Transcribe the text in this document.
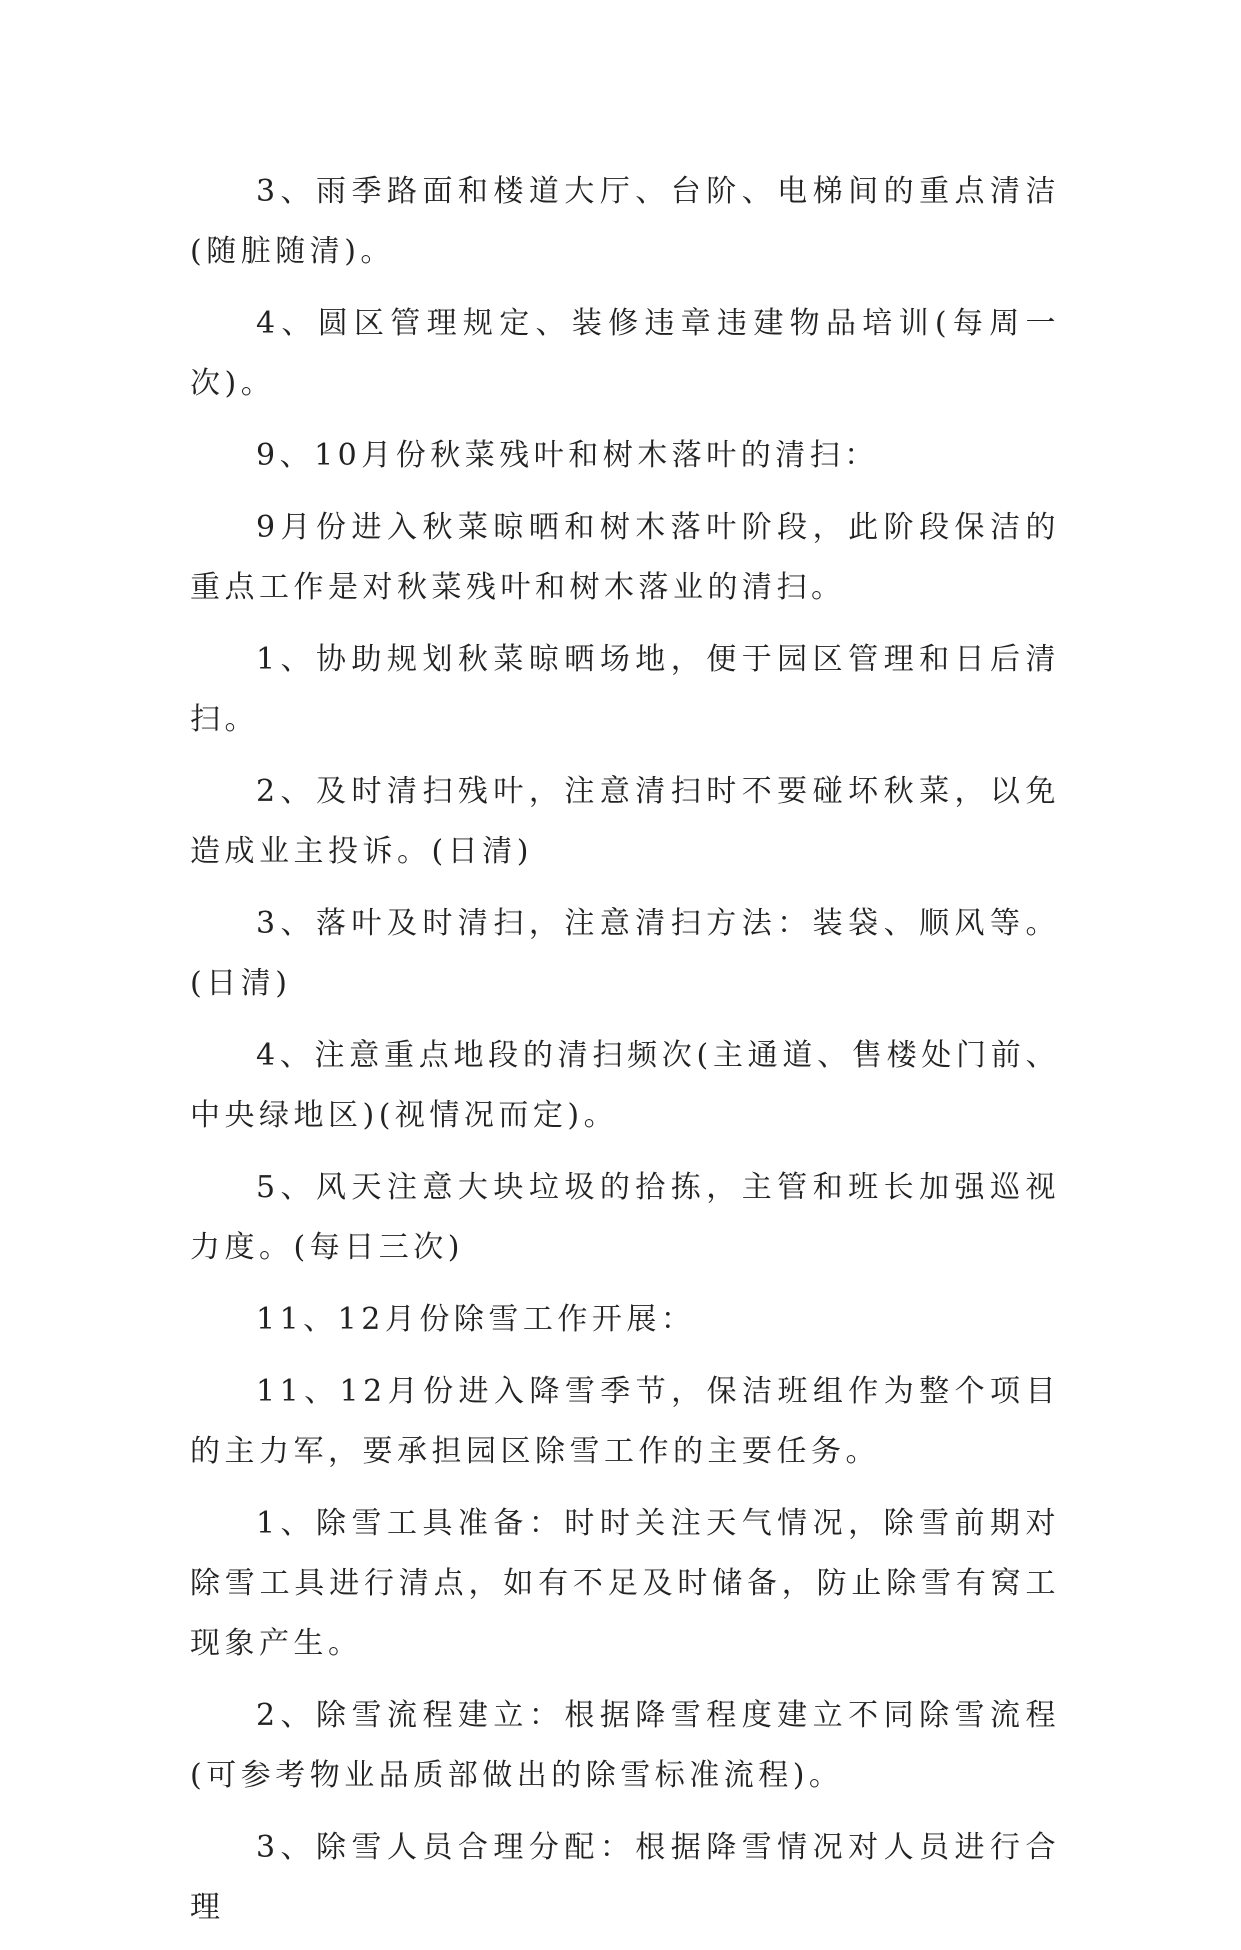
3、雨季路面和楼道大厅、台阶、电梯间的重点清洁(随脏随清)。

4、圆区管理规定、装修违章违建物品培训(每周一次)。

9、10月份秋菜残叶和树木落叶的清扫：

9月份进入秋菜晾晒和树木落叶阶段，此阶段保洁的重点工作是对秋菜残叶和树木落业的清扫。

1、协助规划秋菜晾晒场地，便于园区管理和日后清扫。

2、及时清扫残叶，注意清扫时不要碰坏秋菜，以免造成业主投诉。(日清)

3、落叶及时清扫，注意清扫方法：装袋、顺风等。(日清)

4、注意重点地段的清扫频次(主通道、售楼处门前、中央绿地区)(视情况而定)。

5、风天注意大块垃圾的拾拣，主管和班长加强巡视力度。(每日三次)

11、12月份除雪工作开展：

11、12月份进入降雪季节，保洁班组作为整个项目的主力军，要承担园区除雪工作的主要任务。

1、除雪工具准备：时时关注天气情况，除雪前期对除雪工具进行清点，如有不足及时储备，防止除雪有窝工现象产生。

2、除雪流程建立：根据降雪程度建立不同除雪流程(可参考物业品质部做出的除雪标准流程)。

3、除雪人员合理分配：根据降雪情况对人员进行合理
